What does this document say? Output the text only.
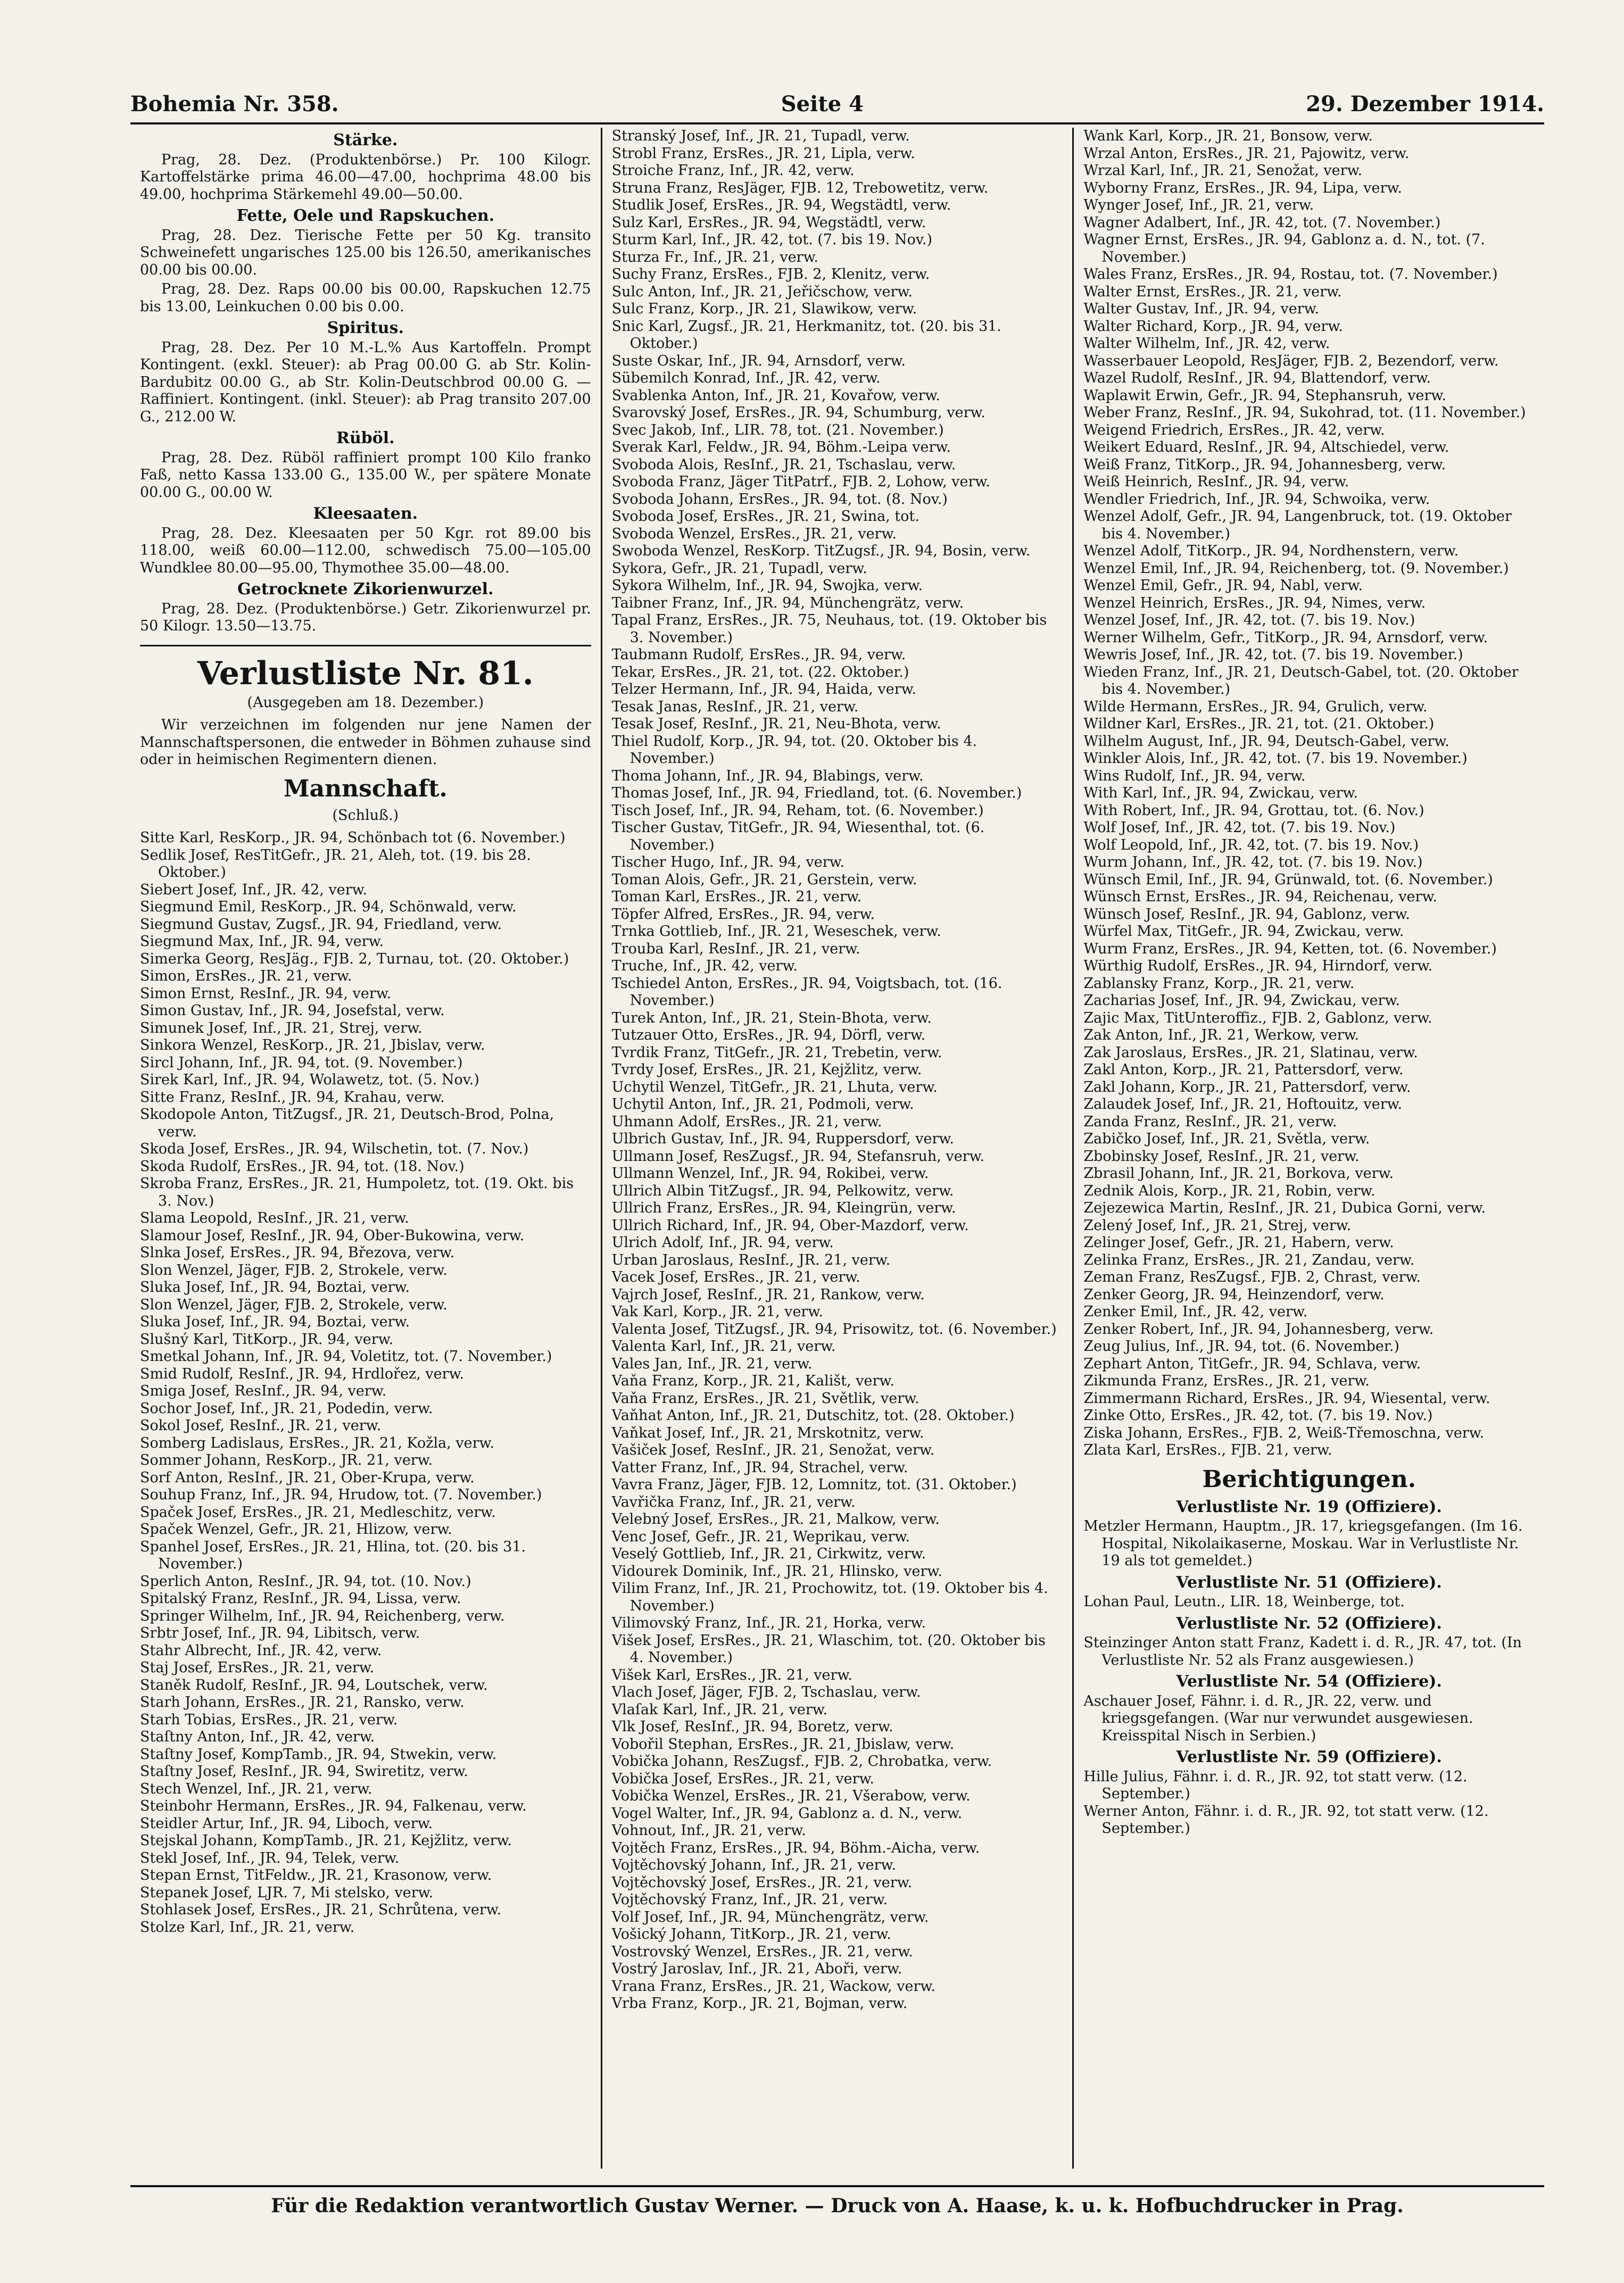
Bohemia Nr. 358.	Seite 4	29. Dezember 1914.
Stärke.
Prag, 28. Dez. (Produktenbörse.) Pr. 100 Kilogr. Kartoffelstärke prima 46.00—47.00, hochprima 48.00 bis 49.00, hochprima Stärkemehl 49.00—50.00.
Fette, Oele und Rapskuchen.
Prag, 28. Dez. Tierische Fette per 50 Kg. transito Schweinefett ungarisches 125.00 bis 126.50, amerikanisches 00.00 bis 00.00.
Prag, 28. Dez. Raps 00.00 bis 00.00, Rapskuchen 12.75 bis 13.00, Leinkuchen 0.00 bis 0.00.
Spiritus.
Prag, 28. Dez. Per 10 M.-L.% Aus Kartoffeln. Prompt Kontingent. (exkl. Steuer): ab Prag 00.00 G. ab Str. Kolin-Bardubitz 00.00 G., ab Str. Kolin-Deutschbrod 00.00 G. — Raffiniert. Kontingent. (inkl. Steuer): ab Prag transito 207.00 G., 212.00 W.
Rüböl.
Prag, 28. Dez. Rüböl raffiniert prompt 100 Kilo franko Faß, netto Kassa 133.00 G., 135.00 W., per spätere Monate 00.00 G., 00.00 W.
Kleesaaten.
Prag, 28. Dez. Kleesaaten per 50 Kgr. rot 89.00 bis 118.00, weiß 60.00—112.00, schwedisch 75.00—105.00 Wundklee 80.00—95.00, Thymothee 35.00—48.00.
Getrocknete Zikorienwurzel.
Prag, 28. Dez. (Produktenbörse.) Getr. Zikorienwurzel pr. 50 Kilogr. 13.50—13.75.
Verlustliste Nr. 81.
(Ausgegeben am 18. Dezember.)
Wir verzeichnen im folgenden nur jene Namen der Mannschaftspersonen, die entweder in Böhmen zuhause sind oder in heimischen Regimentern dienen.
Mannschaft.
(Schluß.)
Sitte Karl, ResKorp., JR. 94, Schönbach tot (6. November.)
Sedlik Josef, ResTitGefr., JR. 21, Aleh, tot. (19. bis 28. Oktober.)
Siebert Josef, Inf., JR. 42, verw.
Siegmund Emil, ResKorp., JR. 94, Schönwald, verw.
Siegmund Gustav, Zugsf., JR. 94, Friedland, verw.
Siegmund Max, Inf., JR. 94, verw.
Simerka Georg, ResJäg., FJB. 2, Turnau, tot. (20. Oktober.)
Simon, ErsRes., JR. 21, verw.
Simon Ernst, ResInf., JR. 94, verw.
Simon Gustav, Inf., JR. 94, Josefstal, verw.
Simunek Josef, Inf., JR. 21, Strej, verw.
Sinkora Wenzel, ResKorp., JR. 21, Jbislav, verw.
Sircl Johann, Inf., JR. 94, tot. (9. November.)
Sirek Karl, Inf., JR. 94, Wolawetz, tot. (5. Nov.)
Sitte Franz, ResInf., JR. 94, Krahau, verw.
Skodopole Anton, TitZugsf., JR. 21, Deutsch-Brod, Polna, verw.
Skoda Josef, ErsRes., JR. 94, Wilschetin, tot. (7. Nov.)
Skoda Rudolf, ErsRes., JR. 94, tot. (18. Nov.)
Skroba Franz, ErsRes., JR. 21, Humpoletz, tot. (19. Okt. bis 3. Nov.)
Slama Leopold, ResInf., JR. 21, verw.
Slamour Josef, ResInf., JR. 94, Ober-Bukowina, verw.
Slnka Josef, ErsRes., JR. 94, Březova, verw.
Slon Wenzel, Jäger, FJB. 2, Strokele, verw.
Sluka Josef, Inf., JR. 94, Boztai, verw.
Slon Wenzel, Jäger, FJB. 2, Strokele, verw.
Sluka Josef, Inf., JR. 94, Boztai, verw.
Slušný Karl, TitKorp., JR. 94, verw.
Smetkal Johann, Inf., JR. 94, Voletitz, tot. (7. November.)
Smid Rudolf, ResInf., JR. 94, Hrdlořez, verw.
Smiga Josef, ResInf., JR. 94, verw.
Sochor Josef, Inf., JR. 21, Podedin, verw.
Sokol Josef, ResInf., JR. 21, verw.
Somberg Ladislaus, ErsRes., JR. 21, Kožla, verw.
Sommer Johann, ResKorp., JR. 21, verw.
Sorf Anton, ResInf., JR. 21, Ober-Krupa, verw.
Souhup Franz, Inf., JR. 94, Hrudow, tot. (7. November.)
Spaček Josef, ErsRes., JR. 21, Medleschitz, verw.
Spaček Wenzel, Gefr., JR. 21, Hlizow, verw.
Spanhel Josef, ErsRes., JR. 21, Hlina, tot. (20. bis 31. November.)
Sperlich Anton, ResInf., JR. 94, tot. (10. Nov.)
Spitalský Franz, ResInf., JR. 94, Lissa, verw.
Springer Wilhelm, Inf., JR. 94, Reichenberg, verw.
Srbtr Josef, Inf., JR. 94, Libitsch, verw.
Stahr Albrecht, Inf., JR. 42, verw.
Staj Josef, ErsRes., JR. 21, verw.
Staněk Rudolf, ResInf., JR. 94, Loutschek, verw.
Starh Johann, ErsRes., JR. 21, Ransko, verw.
Starh Tobias, ErsRes., JR. 21, verw.
Staſtny Anton, Inf., JR. 42, verw.
Staſtny Josef, KompTamb., JR. 94, Stwekin, verw.
Staſtny Josef, ResInf., JR. 94, Swiretitz, verw.
Stech Wenzel, Inf., JR. 21, verw.
Steinbohr Hermann, ErsRes., JR. 94, Falkenau, verw.
Steidler Artur, Inf., JR. 94, Liboch, verw.
Stejskal Johann, KompTamb., JR. 21, Kejžlitz, verw.
Stekl Josef, Inf., JR. 94, Telek, verw.
Stepan Ernst, TitFeldw., JR. 21, Krasonow, verw.
Stepanek Josef, LJR. 7, Mi stelsko, verw.
Stohlasek Josef, ErsRes., JR. 21, Schrůtena, verw.
Stolze Karl, Inf., JR. 21, verw.
Stranský Josef, Inf., JR. 21, Tupadl, verw.
Strobl Franz, ErsRes., JR. 21, Lipla, verw.
Stroiche Franz, Inf., JR. 42, verw.
Struna Franz, ResJäger, FJB. 12, Trebowetitz, verw.
Studlik Josef, ErsRes., JR. 94, Wegstädtl, verw.
Sulz Karl, ErsRes., JR. 94, Wegstädtl, verw.
Sturm Karl, Inf., JR. 42, tot. (7. bis 19. Nov.)
Sturza Fr., Inf., JR. 21, verw.
Suchy Franz, ErsRes., FJB. 2, Klenitz, verw.
Sulc Anton, Inf., JR. 21, Jeřičschow, verw.
Sulc Franz, Korp., JR. 21, Slawikow, verw.
Snic Karl, Zugsf., JR. 21, Herkmanitz, tot. (20. bis 31. Oktober.)
Suste Oskar, Inf., JR. 94, Arnsdorf, verw.
Sübemilch Konrad, Inf., JR. 42, verw.
Svablenka Anton, Inf., JR. 21, Kovařow, verw.
Svarovský Josef, ErsRes., JR. 94, Schumburg, verw.
Svec Jakob, Inf., LIR. 78, tot. (21. November.)
Sverak Karl, Feldw., JR. 94, Böhm.-Leipa verw.
Svoboda Alois, ResInf., JR. 21, Tschaslau, verw.
Svoboda Franz, Jäger TitPatrf., FJB. 2, Lohow, verw.
Svoboda Johann, ErsRes., JR. 94, tot. (8. Nov.)
Svoboda Josef, ErsRes., JR. 21, Swina, tot.
Svoboda Wenzel, ErsRes., JR. 21, verw.
Swoboda Wenzel, ResKorp. TitZugsf., JR. 94, Bosin, verw.
Sykora, Gefr., JR. 21, Tupadl, verw.
Sykora Wilhelm, Inf., JR. 94, Swojka, verw.
Taibner Franz, Inf., JR. 94, Münchengrätz, verw.
Tapal Franz, ErsRes., JR. 75, Neuhaus, tot. (19. Oktober bis 3. November.)
Taubmann Rudolf, ErsRes., JR. 94, verw.
Tekar, ErsRes., JR. 21, tot. (22. Oktober.)
Telzer Hermann, Inf., JR. 94, Haida, verw.
Tesak Janas, ResInf., JR. 21, verw.
Tesak Josef, ResInf., JR. 21, Neu-Bhota, verw.
Thiel Rudolf, Korp., JR. 94, tot. (20. Oktober bis 4. November.)
Thoma Johann, Inf., JR. 94, Blabings, verw.
Thomas Josef, Inf., JR. 94, Friedland, tot. (6. November.)
Tisch Josef, Inf., JR. 94, Reham, tot. (6. November.)
Tischer Gustav, TitGefr., JR. 94, Wiesenthal, tot. (6. November.)
Tischer Hugo, Inf., JR. 94, verw.
Toman Alois, Gefr., JR. 21, Gerstein, verw.
Toman Karl, ErsRes., JR. 21, verw.
Töpfer Alfred, ErsRes., JR. 94, verw.
Trnka Gottlieb, Inf., JR. 21, Weseschek, verw.
Trouba Karl, ResInf., JR. 21, verw.
Truche, Inf., JR. 42, verw.
Tschiedel Anton, ErsRes., JR. 94, Voigtsbach, tot. (16. November.)
Turek Anton, Inf., JR. 21, Stein-Bhota, verw.
Tutzauer Otto, ErsRes., JR. 94, Dörfl, verw.
Tvrdik Franz, TitGefr., JR. 21, Trebetin, verw.
Tvrdy Josef, ErsRes., JR. 21, Kejžlitz, verw.
Uchytil Wenzel, TitGefr., JR. 21, Lhuta, verw.
Uchytil Anton, Inf., JR. 21, Podmoli, verw.
Uhmann Adolf, ErsRes., JR. 21, verw.
Ulbrich Gustav, Inf., JR. 94, Ruppersdorf, verw.
Ullmann Josef, ResZugsf., JR. 94, Stefansruh, verw.
Ullmann Wenzel, Inf., JR. 94, Rokibei, verw.
Ullrich Albin TitZugsf., JR. 94, Pelkowitz, verw.
Ullrich Franz, ErsRes., JR. 94, Kleingrün, verw.
Ullrich Richard, Inf., JR. 94, Ober-Mazdorf, verw.
Ulrich Adolf, Inf., JR. 94, verw.
Urban Jaroslaus, ResInf., JR. 21, verw.
Vacek Josef, ErsRes., JR. 21, verw.
Vajrch Josef, ResInf., JR. 21, Rankow, verw.
Vak Karl, Korp., JR. 21, verw.
Valenta Josef, TitZugsf., JR. 94, Prisowitz, tot. (6. November.)
Valenta Karl, Inf., JR. 21, verw.
Vales Jan, Inf., JR. 21, verw.
Vaňa Franz, Korp., JR. 21, Kališt, verw.
Vaňa Franz, ErsRes., JR. 21, Světlik, verw.
Vaňhat Anton, Inf., JR. 21, Dutschitz, tot. (28. Oktober.)
Vaňkat Josef, Inf., JR. 21, Mrskotnitz, verw.
Vašiček Josef, ResInf., JR. 21, Senožat, verw.
Vatter Franz, Inf., JR. 94, Strachel, verw.
Vavra Franz, Jäger, FJB. 12, Lomnitz, tot. (31. Oktober.)
Vavřička Franz, Inf., JR. 21, verw.
Velebný Josef, ErsRes., JR. 21, Malkow, verw.
Venc Josef, Gefr., JR. 21, Weprikau, verw.
Veselý Gottlieb, Inf., JR. 21, Cirkwitz, verw.
Vidourek Dominik, Inf., JR. 21, Hlinsko, verw.
Vilim Franz, Inf., JR. 21, Prochowitz, tot. (19. Oktober bis 4. November.)
Vilimovský Franz, Inf., JR. 21, Horka, verw.
Višek Josef, ErsRes., JR. 21, Wlaschim, tot. (20. Oktober bis 4. November.)
Višek Karl, ErsRes., JR. 21, verw.
Vlach Josef, Jäger, FJB. 2, Tschaslau, verw.
Vlaſak Karl, Inf., JR. 21, verw.
Vlk Josef, ResInf., JR. 94, Boretz, verw.
Vobořil Stephan, ErsRes., JR. 21, Jbislaw, verw.
Vobička Johann, ResZugsf., FJB. 2, Chrobatka, verw.
Vobička Josef, ErsRes., JR. 21, verw.
Vobička Wenzel, ErsRes., JR. 21, Všerabow, verw.
Vogel Walter, Inf., JR. 94, Gablonz a. d. N., verw.
Vohnout, Inf., JR. 21, verw.
Vojtěch Franz, ErsRes., JR. 94, Böhm.-Aicha, verw.
Vojtěchovský Johann, Inf., JR. 21, verw.
Vojtěchovský Josef, ErsRes., JR. 21, verw.
Vojtěchovský Franz, Inf., JR. 21, verw.
Volf Josef, Inf., JR. 94, Münchengrätz, verw.
Vošický Johann, TitKorp., JR. 21, verw.
Vostrovský Wenzel, ErsRes., JR. 21, verw.
Vostrý Jaroslav, Inf., JR. 21, Aboři, verw.
Vrana Franz, ErsRes., JR. 21, Wackow, verw.
Vrba Franz, Korp., JR. 21, Bojman, verw.
Wank Karl, Korp., JR. 21, Bonsow, verw.
Wrzal Anton, ErsRes., JR. 21, Pajowitz, verw.
Wrzal Karl, Inf., JR. 21, Senožat, verw.
Wyborny Franz, ErsRes., JR. 94, Lipa, verw.
Wynger Josef, Inf., JR. 21, verw.
Wagner Adalbert, Inf., JR. 42, tot. (7. November.)
Wagner Ernst, ErsRes., JR. 94, Gablonz a. d. N., tot. (7. November.)
Wales Franz, ErsRes., JR. 94, Rostau, tot. (7. November.)
Walter Ernst, ErsRes., JR. 21, verw.
Walter Gustav, Inf., JR. 94, verw.
Walter Richard, Korp., JR. 94, verw.
Walter Wilhelm, Inf., JR. 42, verw.
Wasserbauer Leopold, ResJäger, FJB. 2, Bezendorf, verw.
Wazel Rudolf, ResInf., JR. 94, Blattendorf, verw.
Waplawit Erwin, Gefr., JR. 94, Stephansruh, verw.
Weber Franz, ResInf., JR. 94, Sukohrad, tot. (11. November.)
Weigend Friedrich, ErsRes., JR. 42, verw.
Weikert Eduard, ResInf., JR. 94, Altschiedel, verw.
Weiß Franz, TitKorp., JR. 94, Johannesberg, verw.
Weiß Heinrich, ResInf., JR. 94, verw.
Wendler Friedrich, Inf., JR. 94, Schwoika, verw.
Wenzel Adolf, Gefr., JR. 94, Langenbruck, tot. (19. Oktober bis 4. November.)
Wenzel Adolf, TitKorp., JR. 94, Nordhenstern, verw.
Wenzel Emil, Inf., JR. 94, Reichenberg, tot. (9. November.)
Wenzel Emil, Gefr., JR. 94, Nabl, verw.
Wenzel Heinrich, ErsRes., JR. 94, Nimes, verw.
Wenzel Josef, Inf., JR. 42, tot. (7. bis 19. Nov.)
Werner Wilhelm, Gefr., TitKorp., JR. 94, Arnsdorf, verw.
Wewris Josef, Inf., JR. 42, tot. (7. bis 19. November.)
Wieden Franz, Inf., JR. 21, Deutsch-Gabel, tot. (20. Oktober bis 4. November.)
Wilde Hermann, ErsRes., JR. 94, Grulich, verw.
Wildner Karl, ErsRes., JR. 21, tot. (21. Oktober.)
Wilhelm August, Inf., JR. 94, Deutsch-Gabel, verw.
Winkler Alois, Inf., JR. 42, tot. (7. bis 19. November.)
Wins Rudolf, Inf., JR. 94, verw.
With Karl, Inf., JR. 94, Zwickau, verw.
With Robert, Inf., JR. 94, Grottau, tot. (6. Nov.)
Wolf Josef, Inf., JR. 42, tot. (7. bis 19. Nov.)
Wolf Leopold, Inf., JR. 42, tot. (7. bis 19. Nov.)
Wurm Johann, Inf., JR. 42, tot. (7. bis 19. Nov.)
Wünsch Emil, Inf., JR. 94, Grünwald, tot. (6. November.)
Wünsch Ernst, ErsRes., JR. 94, Reichenau, verw.
Wünsch Josef, ResInf., JR. 94, Gablonz, verw.
Würfel Max, TitGefr., JR. 94, Zwickau, verw.
Wurm Franz, ErsRes., JR. 94, Ketten, tot. (6. November.)
Würthig Rudolf, ErsRes., JR. 94, Hirndorf, verw.
Zablansky Franz, Korp., JR. 21, verw.
Zacharias Josef, Inf., JR. 94, Zwickau, verw.
Zajic Max, TitUnteroffiz., FJB. 2, Gablonz, verw.
Zak Anton, Inf., JR. 21, Werkow, verw.
Zak Jaroslaus, ErsRes., JR. 21, Slatinau, verw.
Zakl Anton, Korp., JR. 21, Pattersdorf, verw.
Zakl Johann, Korp., JR. 21, Pattersdorf, verw.
Zalaudek Josef, Inf., JR. 21, Hoftouitz, verw.
Zanda Franz, ResInf., JR. 21, verw.
Zabičko Josef, Inf., JR. 21, Světla, verw.
Zbobinsky Josef, ResInf., JR. 21, verw.
Zbrasil Johann, Inf., JR. 21, Borkova, verw.
Zednik Alois, Korp., JR. 21, Robin, verw.
Zejezewica Martin, ResInf., JR. 21, Dubica Gorni, verw.
Zelený Josef, Inf., JR. 21, Strej, verw.
Zelinger Josef, Gefr., JR. 21, Habern, verw.
Zelinka Franz, ErsRes., JR. 21, Zandau, verw.
Zeman Franz, ResZugsf., FJB. 2, Chrast, verw.
Zenker Georg, JR. 94, Heinzendorf, verw.
Zenker Emil, Inf., JR. 42, verw.
Zenker Robert, Inf., JR. 94, Johannesberg, verw.
Zeug Julius, Inf., JR. 94, tot. (6. November.)
Zephart Anton, TitGefr., JR. 94, Schlava, verw.
Zikmunda Franz, ErsRes., JR. 21, verw.
Zimmermann Richard, ErsRes., JR. 94, Wiesental, verw.
Zinke Otto, ErsRes., JR. 42, tot. (7. bis 19. Nov.)
Ziska Johann, ErsRes., FJB. 2, Weiß-Třemoschna, verw.
Zlata Karl, ErsRes., FJB. 21, verw.
Berichtigungen.
Verlustliste Nr. 19 (Offiziere).
Metzler Hermann, Hauptm., JR. 17, kriegsgefangen. (Im 16. Hospital, Nikolaikaserne, Moskau. War in Verlustliste Nr. 19 als tot gemeldet.)
Verlustliste Nr. 51 (Offiziere).
Lohan Paul, Leutn., LIR. 18, Weinberge, tot.
Verlustliste Nr. 52 (Offiziere).
Steinzinger Anton statt Franz, Kadett i. d. R., JR. 47, tot. (In Verlustliste Nr. 52 als Franz ausgewiesen.)
Verlustliste Nr. 54 (Offiziere).
Aschauer Josef, Fähnr. i. d. R., JR. 22, verw. und kriegsgefangen. (War nur verwundet ausgewiesen. Kreisspital Nisch in Serbien.)
Verlustliste Nr. 59 (Offiziere).
Hille Julius, Fähnr. i. d. R., JR. 92, tot statt verw. (12. September.)
Werner Anton, Fähnr. i. d. R., JR. 92, tot statt verw. (12. September.)
Für die Redaktion verantwortlich Gustav Werner. — Druck von A. Haase, k. u. k. Hofbuchdrucker in Prag.
